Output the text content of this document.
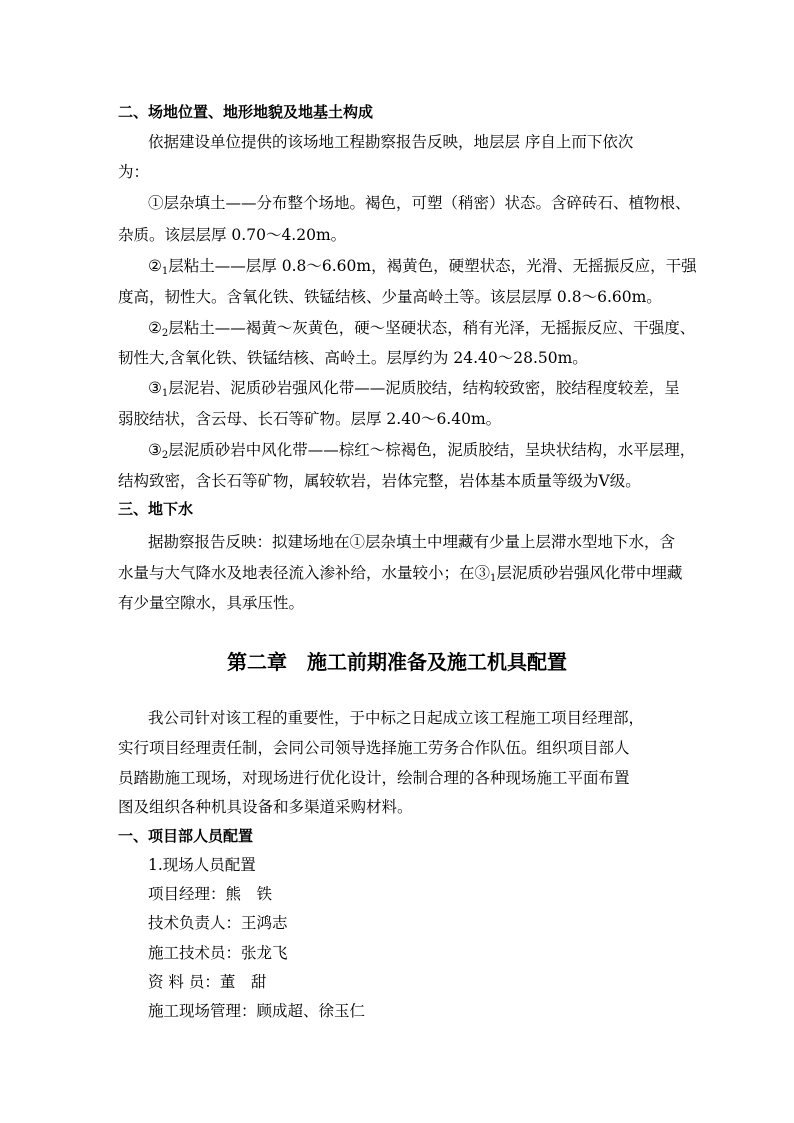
二、场地位置、地形地貌及地基土构成
依据建设单位提供的该场地工程勘察报告反映，地层层 序自上而下依次
为：
①层杂填土——分布整个场地。褐色，可塑（稍密）状态。含碎砖石、植物根、
杂质。该层层厚 0.70～4.20m。
$②_1$层粘土——层厚 0.8～6.60m，褐黄色，硬塑状态，光滑、无摇振反应，干强
度高，韧性大。含氧化铁、铁锰结核、少量高岭土等。该层层厚 0.8～6.60m。
$②_2$层粘土——褐黄～灰黄色，硬～坚硬状态，稍有光泽，无摇振反应、干强度、
韧性大,含氧化铁、铁锰结核、高岭土。层厚约为 24.40～28.50m。
$③_1$层泥岩、泥质砂岩强风化带——泥质胶结，结构较致密，胶结程度较差，呈
弱胶结状，含云母、长石等矿物。层厚 2.40～6.40m。
$③_2$层泥质砂岩中风化带——棕红～棕褐色，泥质胶结，呈块状结构，水平层理，
结构致密，含长石等矿物，属较软岩，岩体完整，岩体基本质量等级为Ⅴ级。
三、地下水
据勘察报告反映：拟建场地在①层杂填土中埋藏有少量上层滞水型地下水，含
水量与大气降水及地表径流入渗补给，水量较小；在$③_1$层泥质砂岩强风化带中埋藏
有少量空隙水，具承压性。
第二章　施工前期准备及施工机具配置
我公司针对该工程的重要性，于中标之日起成立该工程施工项目经理部，
实行项目经理责任制，会同公司领导选择施工劳务合作队伍。组织项目部人
员踏勘施工现场，对现场进行优化设计，绘制合理的各种现场施工平面布置
图及组织各种机具设备和多渠道采购材料。
一、项目部人员配置
1.现场人员配置
项目经理：熊　铁
技术负责人：王鸿志
施工技术员：张龙飞
资 料 员：董　甜
施工现场管理：顾成超、徐玉仁
